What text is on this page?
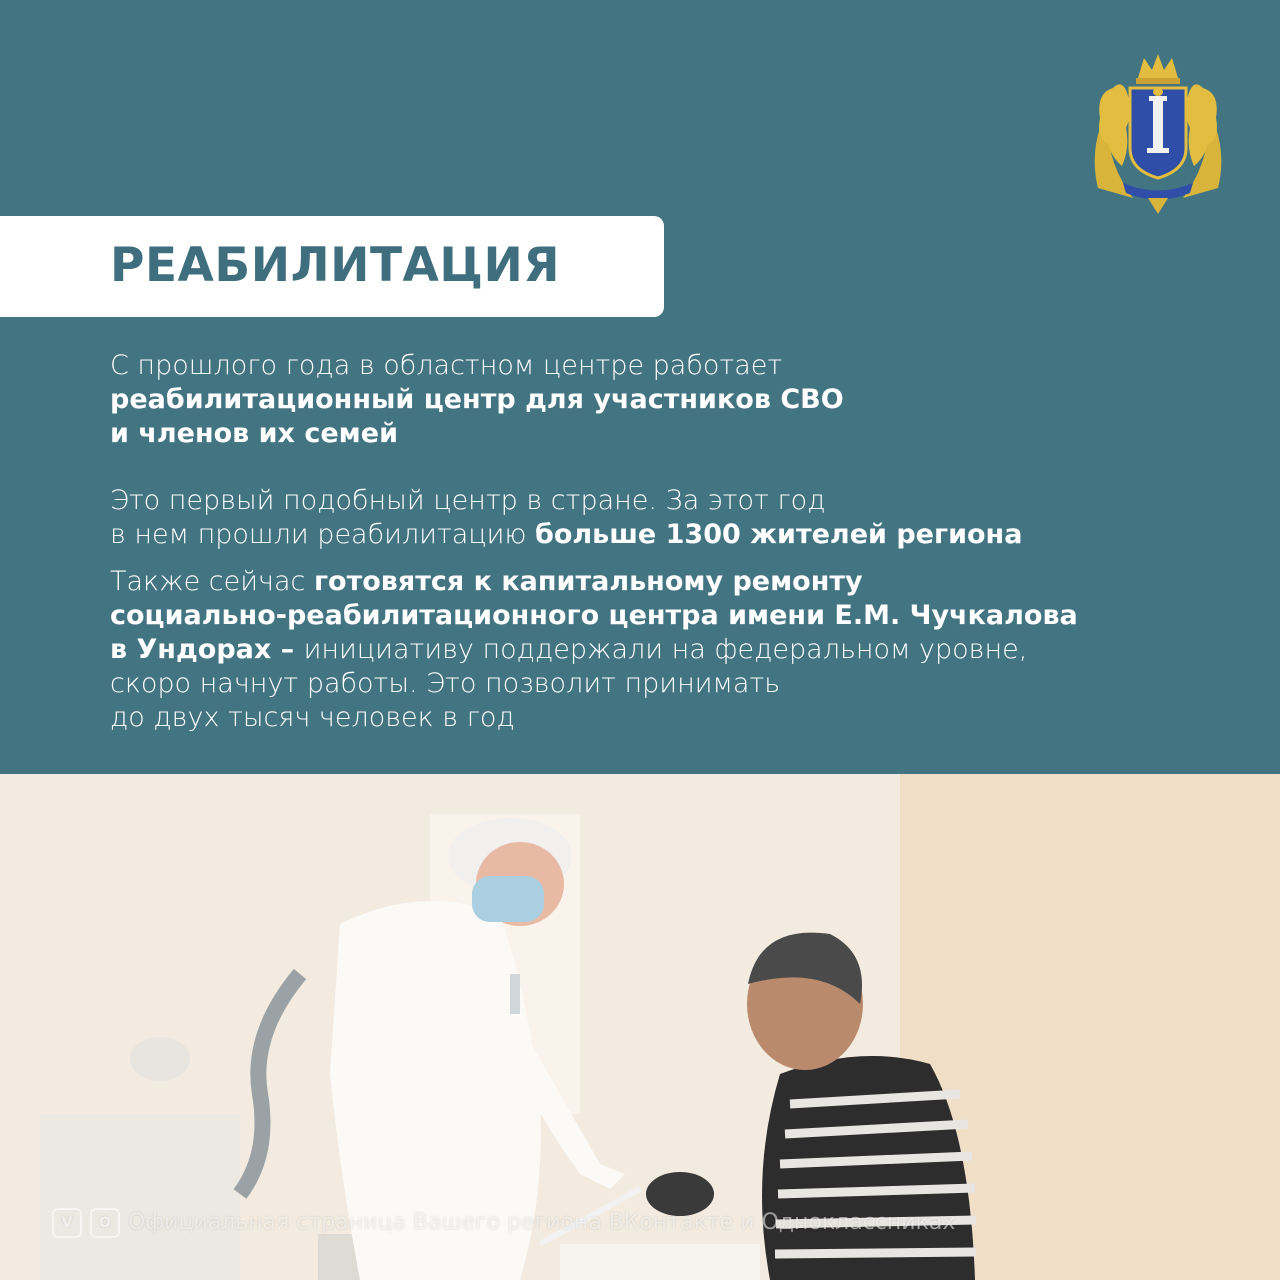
РЕАБИЛИТАЦИЯ
С прошлого года в областном центре работает
реабилитационный центр для участников СВО
и членов их семей
Это первый подобный центр в стране. За этот год
в нем прошли реабилитацию больше 1300 жителей региона
Также сейчас готовятся к капитальному ремонту
социально-реабилитационного центра имени Е.М. Чучкалова
в Ундорах – инициативу поддержали на федеральном уровне,
скоро начнут работы. Это позволит принимать
до двух тысяч человек в год
V О Официальная страница Вашего региона ВКонтакте и Одноклассниках
